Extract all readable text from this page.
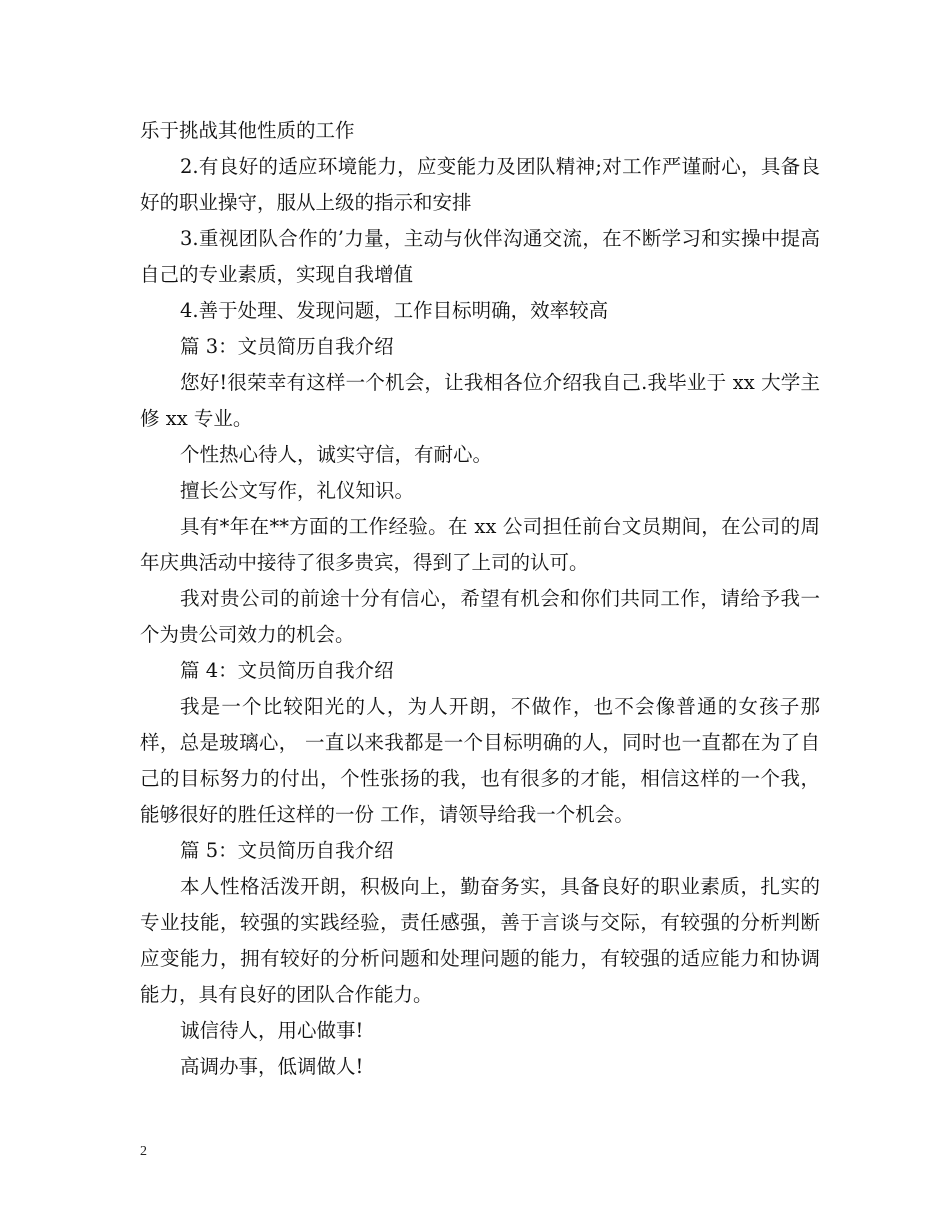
乐于挑战其他性质的工作

2.有良好的适应环境能力，应变能力及团队精神;对工作严谨耐心，具备良好的职业操守，服从上级的指示和安排

3.重视团队合作的’力量，主动与伙伴沟通交流，在不断学习和实操中提高自己的专业素质，实现自我增值

4.善于处理、发现问题，工作目标明确，效率较高

篇 3：文员简历自我介绍

您好!很荣幸有这样一个机会，让我相各位介绍我自己.我毕业于 xx 大学主修 xx 专业。

个性热心待人，诚实守信，有耐心。

擅长公文写作，礼仪知识。

具有*年在**方面的工作经验。在 xx 公司担任前台文员期间，在公司的周年庆典活动中接待了很多贵宾，得到了上司的认可。

我对贵公司的前途十分有信心，希望有机会和你们共同工作，请给予我一个为贵公司效力的机会。

篇 4：文员简历自我介绍

我是一个比较阳光的人，为人开朗，不做作，也不会像普通的女孩子那样，总是玻璃心， 一直以来我都是一个目标明确的人，同时也一直都在为了自己的目标努力的付出，个性张扬的我，也有很多的才能，相信这样的一个我，能够很好的胜任这样的一份 工作，请领导给我一个机会。

篇 5：文员简历自我介绍

本人性格活泼开朗，积极向上，勤奋务实，具备良好的职业素质，扎实的专业技能，较强的实践经验，责任感强，善于言谈与交际，有较强的分析判断应变能力，拥有较好的分析问题和处理问题的能力，有较强的适应能力和协调能力，具有良好的团队合作能力。

诚信待人，用心做事!

高调办事，低调做人!

2
